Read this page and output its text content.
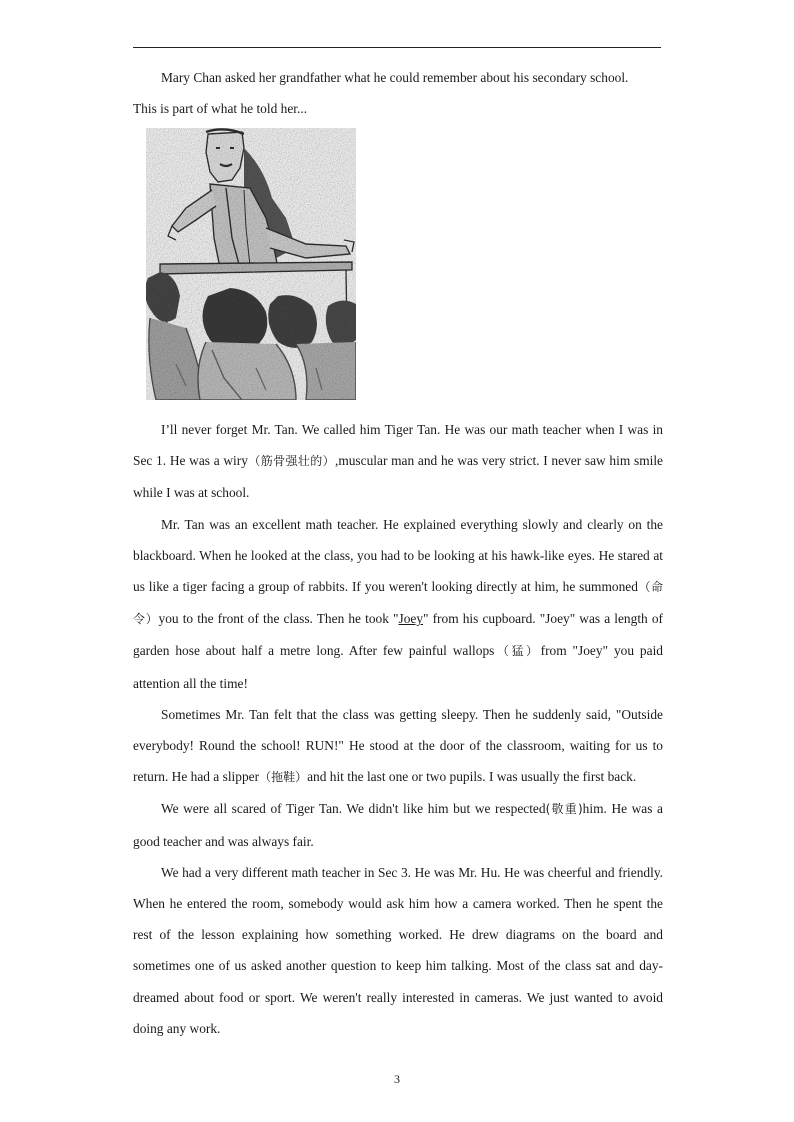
Mary Chan asked her grandfather what he could remember about his secondary school.
This is part of what he told her...

I’ll never forget Mr. Tan. We called him Tiger Tan. He was our math teacher when I was in Sec 1. He was a wiry（筋骨强壮的）,muscular man and he was very strict. I never saw him smile while I was at school.

Mr. Tan was an excellent math teacher. He explained everything slowly and clearly on the blackboard. When he looked at the class, you had to be looking at his hawk-like eyes. He stared at us like a tiger facing a group of rabbits. If you weren't looking directly at him, he summoned（命令）you to the front of the class. Then he took "Joey" from his cupboard. "Joey" was a length of garden hose about half a metre long. After few painful wallops（猛）from "Joey" you paid attention all the time!

Sometimes Mr. Tan felt that the class was getting sleepy. Then he suddenly said, "Outside everybody! Round the school! RUN!" He stood at the door of the classroom, waiting for us to return. He had a slipper（拖鞋）and hit the last one or two pupils. I was usually the first back.

We were all scared of Tiger Tan. We didn't like him but we respected(敬重)him. He was a good teacher and was always fair.

We had a very different math teacher in Sec 3. He was Mr. Hu. He was cheerful and friendly. When he entered the room, somebody would ask him how a camera worked. Then he spent the rest of the lesson explaining how something worked. He drew diagrams on the board and sometimes one of us asked another question to keep him talking. Most of the class sat and day-dreamed about food or sport. We weren't really interested in cameras. We just wanted to avoid doing any work.

3
